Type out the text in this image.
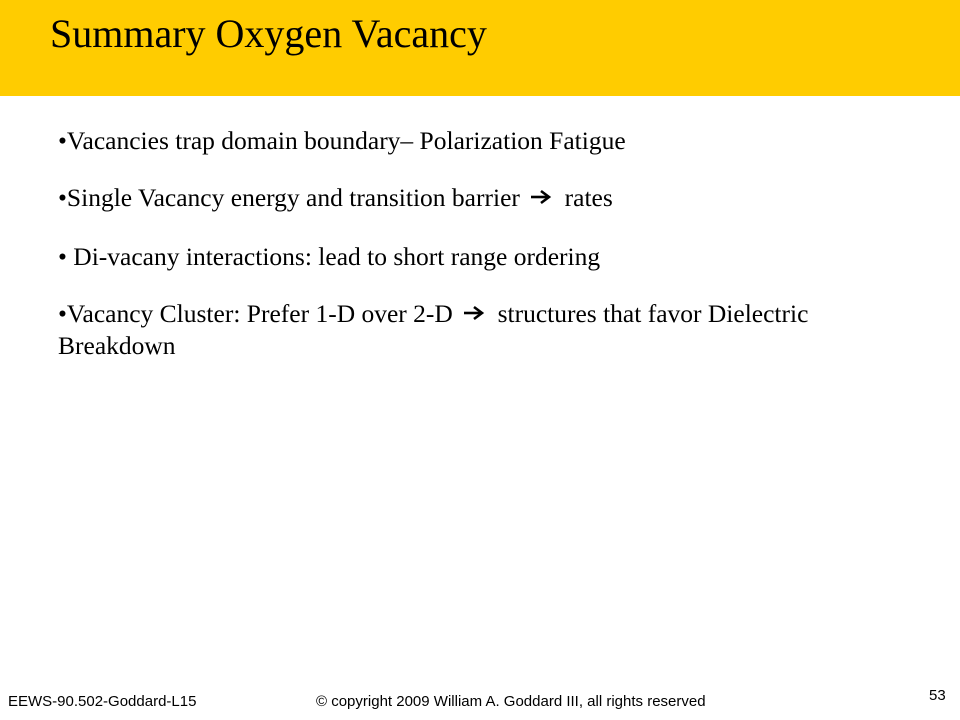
Summary Oxygen Vacancy
•Vacancies trap domain boundary– Polarization Fatigue
•Single Vacancy energy and transition barrier rates
• Di-vacany interactions: lead to short range ordering
•Vacancy Cluster: Prefer 1-D over 2-D structures that favor Dielectric Breakdown
EEWS-90.502-Goddard-L15	© copyright 2009 William A. Goddard III, all rights reserved	53
